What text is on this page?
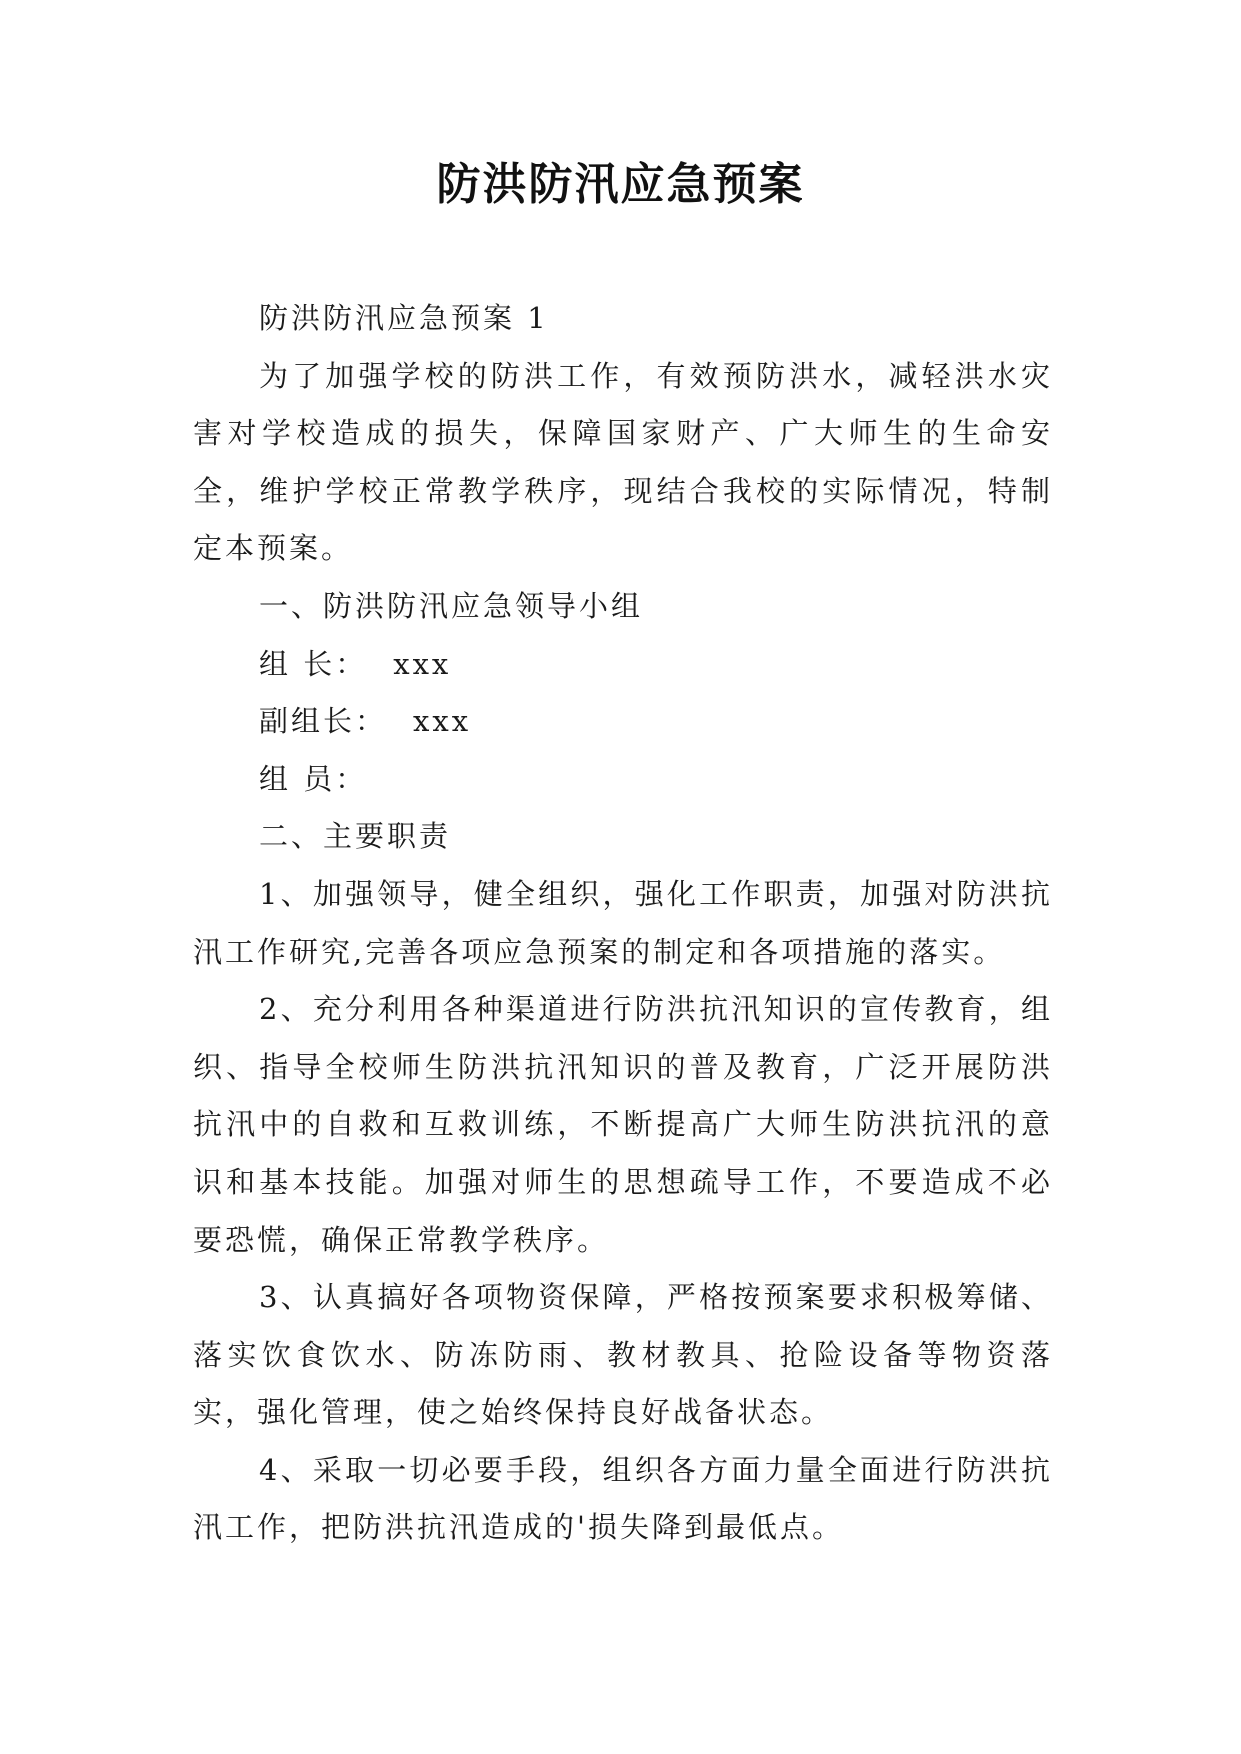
防洪防汛应急预案

防洪防汛应急预案 1

为了加强学校的防洪工作，有效预防洪水，减轻洪水灾害对学校造成的损失，保障国家财产、广大师生的生命安全，维护学校正常教学秩序，现结合我校的实际情况，特制定本预案。

一、防洪防汛应急领导小组

组 长： xxx
副组长： xxx
组 员：

二、主要职责

1、加强领导，健全组织，强化工作职责，加强对防洪抗汛工作研究,完善各项应急预案的制定和各项措施的落实。

2、充分利用各种渠道进行防洪抗汛知识的宣传教育，组织、指导全校师生防洪抗汛知识的普及教育，广泛开展防洪抗汛中的自救和互救训练，不断提高广大师生防洪抗汛的意识和基本技能。加强对师生的思想疏导工作，不要造成不必要恐慌，确保正常教学秩序。

3、认真搞好各项物资保障，严格按预案要求积极筹储、落实饮食饮水、防冻防雨、教材教具、抢险设备等物资落实，强化管理，使之始终保持良好战备状态。

4、采取一切必要手段，组织各方面力量全面进行防洪抗汛工作，把防洪抗汛造成的'损失降到最低点。
